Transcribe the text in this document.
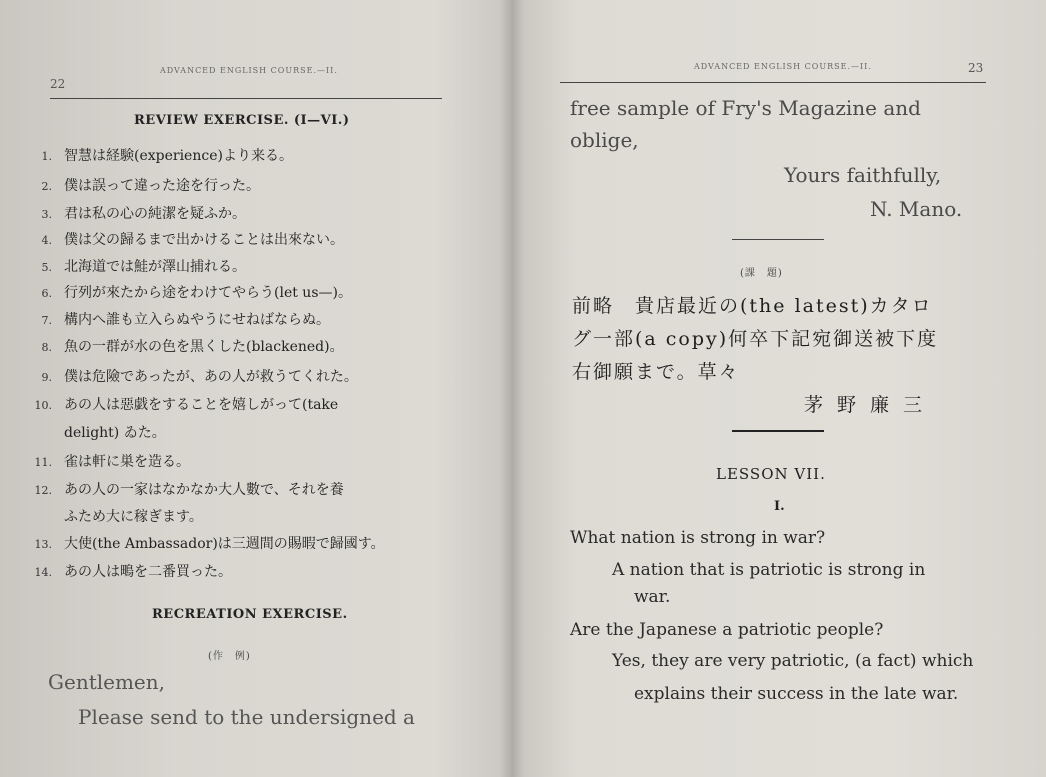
22
ADVANCED ENGLISH COURSE.—II.
REVIEW EXERCISE. (I—VI.)
1. 智慧は経験(experience)より来る。
2. 僕は誤って違った途を行った。
3. 君は私の心の純潔を疑ふか。
4. 僕は父の歸るまで出かけることは出來ない。
5. 北海道では鮭が澤山捕れる。
6. 行列が來たから途をわけてやらう(let us—)。
7. 構内へ誰も立入らぬやうにせねばならぬ。
8. 魚の一群が水の色を黒くした(blackened)。
9. 僕は危險であったが、あの人が救うてくれた。
10. あの人は惡戯をすることを嬉しがって(take
delight) ゐた。
11. 雀は軒に巣を造る。
12. あの人の一家はなかなか大人數で、それを養
ふため大に稼ぎます。
13. 大使(the Ambassador)は三週間の賜暇で歸國す。
14. あの人は鴫を二番買った。
RECREATION EXERCISE.
(作　例)
Gentlemen,
Please send to the undersigned a
ADVANCED ENGLISH COURSE.—II.	23
free sample of Fry's Magazine and
oblige,
Yours faithfully,
N. Mano.
(課　題)
前略　貴店最近の(the latest)カタロ
グ一部(a copy)何卒下記宛御送被下度
右御願まで。草々
茅野廉三
LESSON VII.
I.
What nation is strong in war?
A nation that is patriotic is strong in
war.
Are the Japanese a patriotic people?
Yes, they are very patriotic, (a fact) which
explains their success in the late war.
